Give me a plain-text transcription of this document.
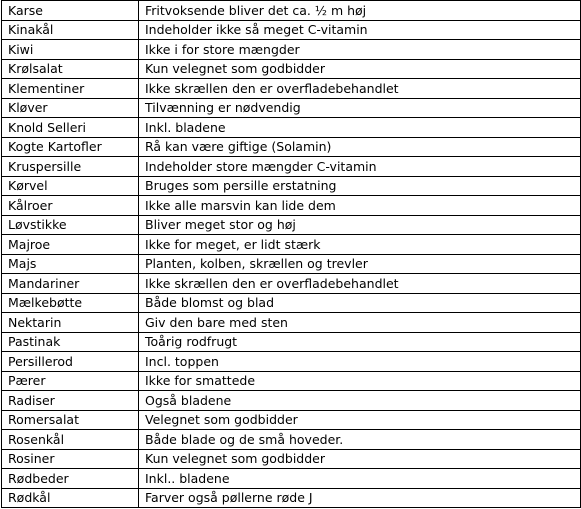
Karse	Fritvoksende bliver det ca. ½ m høj
Kinakål	Indeholder ikke så meget C-vitamin
Kiwi	Ikke i for store mængder
Krølsalat	Kun velegnet som godbidder
Klementiner	Ikke skrællen den er overfladebehandlet
Kløver	Tilvænning er nødvendig
Knold Selleri	Inkl. bladene
Kogte Kartofler	Rå kan være giftige (Solamin)
Kruspersille	Indeholder store mængder C-vitamin
Kørvel	Bruges som persille erstatning
Kålroer	Ikke alle marsvin kan lide dem
Løvstikke	Bliver meget stor og høj
Majroe	Ikke for meget, er lidt stærk
Majs	Planten, kolben, skrællen og trevler
Mandariner	Ikke skrællen den er overfladebehandlet
Mælkebøtte	Både blomst og blad
Nektarin	Giv den bare med sten
Pastinak	Toårig rodfrugt
Persillerod	Incl. toppen
Pærer	Ikke for smattede
Radiser	Også bladene
Romersalat	Velegnet som godbidder
Rosenkål	Både blade og de små hoveder.
Rosiner	Kun velegnet som godbidder
Rødbeder	Inkl.. bladene
Rødkål	Farver også pøllerne røde J
